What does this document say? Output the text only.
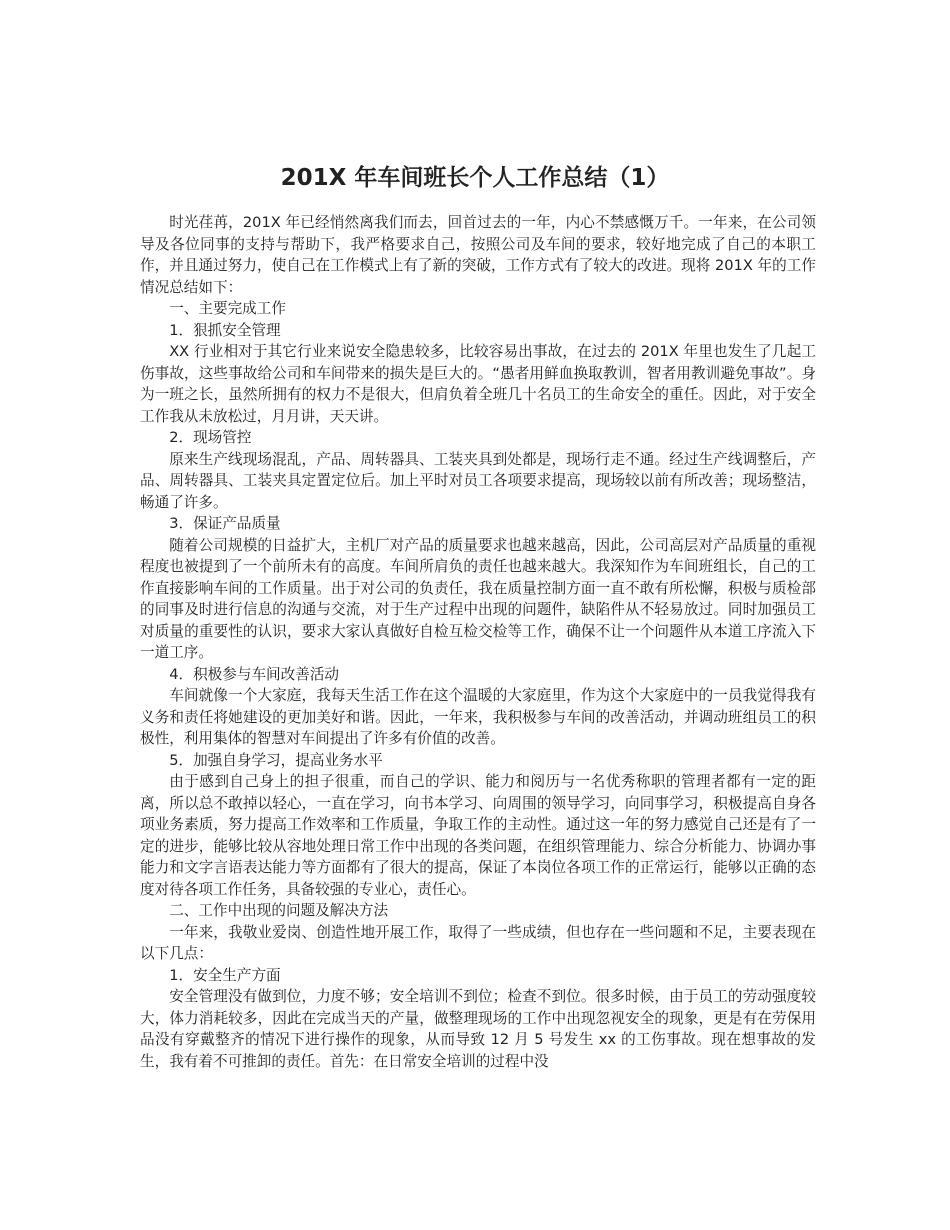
201X 年车间班长个人工作总结（1）

时光荏苒，201X 年已经悄然离我们而去，回首过去的一年，内心不禁感慨万千。一年来，在公司领导及各位同事的支持与帮助下，我严格要求自己，按照公司及车间的要求，较好地完成了自己的本职工作，并且通过努力，使自己在工作模式上有了新的突破，工作方式有了较大的改进。现将 201X 年的工作情况总结如下：

一、主要完成工作

1．狠抓安全管理

XX 行业相对于其它行业来说安全隐患较多，比较容易出事故，在过去的 201X 年里也发生了几起工伤事故，这些事故给公司和车间带来的损失是巨大的。“愚者用鲜血换取教训，智者用教训避免事故”。身为一班之长，虽然所拥有的权力不是很大，但肩负着全班几十名员工的生命安全的重任。因此，对于安全工作我从未放松过，月月讲，天天讲。

2．现场管控

原来生产线现场混乱，产品、周转器具、工装夹具到处都是，现场行走不通。经过生产线调整后，产品、周转器具、工装夹具定置定位后。加上平时对员工各项要求提高，现场较以前有所改善；现场整洁，畅通了许多。

3．保证产品质量

随着公司规模的日益扩大，主机厂对产品的质量要求也越来越高，因此，公司高层对产品质量的重视程度也被提到了一个前所未有的高度。车间所肩负的责任也越来越大。我深知作为车间班组长，自己的工作直接影响车间的工作质量。出于对公司的负责任，我在质量控制方面一直不敢有所松懈，积极与质检部的同事及时进行信息的沟通与交流，对于生产过程中出现的问题件，缺陷件从不轻易放过。同时加强员工对质量的重要性的认识，要求大家认真做好自检互检交检等工作，确保不让一个问题件从本道工序流入下一道工序。

4．积极参与车间改善活动

车间就像一个大家庭，我每天生活工作在这个温暖的大家庭里，作为这个大家庭中的一员我觉得我有义务和责任将她建设的更加美好和谐。因此，一年来，我积极参与车间的改善活动，并调动班组员工的积极性，利用集体的智慧对车间提出了许多有价值的改善。

5．加强自身学习，提高业务水平

由于感到自己身上的担子很重，而自己的学识、能力和阅历与一名优秀称职的管理者都有一定的距离，所以总不敢掉以轻心，一直在学习，向书本学习、向周围的领导学习，向同事学习，积极提高自身各项业务素质，努力提高工作效率和工作质量，争取工作的主动性。通过这一年的努力感觉自己还是有了一定的进步，能够比较从容地处理日常工作中出现的各类问题，在组织管理能力、综合分析能力、协调办事能力和文字言语表达能力等方面都有了很大的提高，保证了本岗位各项工作的正常运行，能够以正确的态度对待各项工作任务，具备较强的专业心，责任心。

二、工作中出现的问题及解决方法

一年来，我敬业爱岗、创造性地开展工作，取得了一些成绩，但也存在一些问题和不足，主要表现在以下几点：

1．安全生产方面

安全管理没有做到位，力度不够；安全培训不到位；检查不到位。很多时候，由于员工的劳动强度较大，体力消耗较多，因此在完成当天的产量，做整理现场的工作中出现忽视安全的现象，更是有在劳保用品没有穿戴整齐的情况下进行操作的现象，从而导致 12 月 5 号发生 xx 的工伤事故。现在想事故的发生，我有着不可推卸的责任。首先：在日常安全培训的过程中没
